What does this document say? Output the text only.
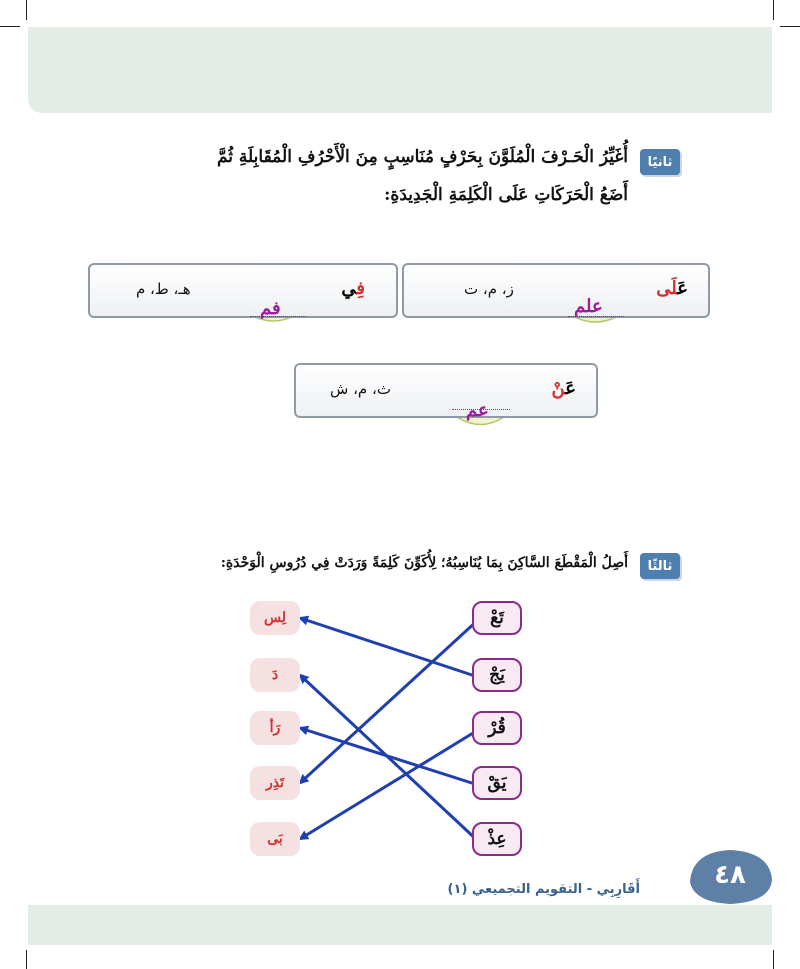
ثانيًا
أُغَيِّرُ الْحَـرْفَ الْمُلَوَّنَ بِحَرْفٍ مُنَاسِبٍ مِنَ الْأَحْرُفِ الْمُقَابِلَةِ ثُمَّ
أَضَعُ الْحَرَكَاتِ عَلَى الْكَلِمَةِ الْجَدِيدَةِ:
عَلَى
ز، م، ت
علم
فِي
هـ، ط، م
فم
عَنْ
ث، م، ش
عم
ثالثًا
أَصِلُ الْمَقْطَعَ السَّاكِنَ بِمَا يُنَاسِبُهُ؛ لِأُكَوِّنَ كَلِمَةً وَرَدَتْ فِي دُرُوسِ الْوَحْدَةِ:
تَعْ
يَجْ
قُرْ
يَقْ
عِذْ
لِس
دَ
رَأ
تَذِر
بَى
٤٨
أَقَارِبِي - التقويم التجميعي (١)
